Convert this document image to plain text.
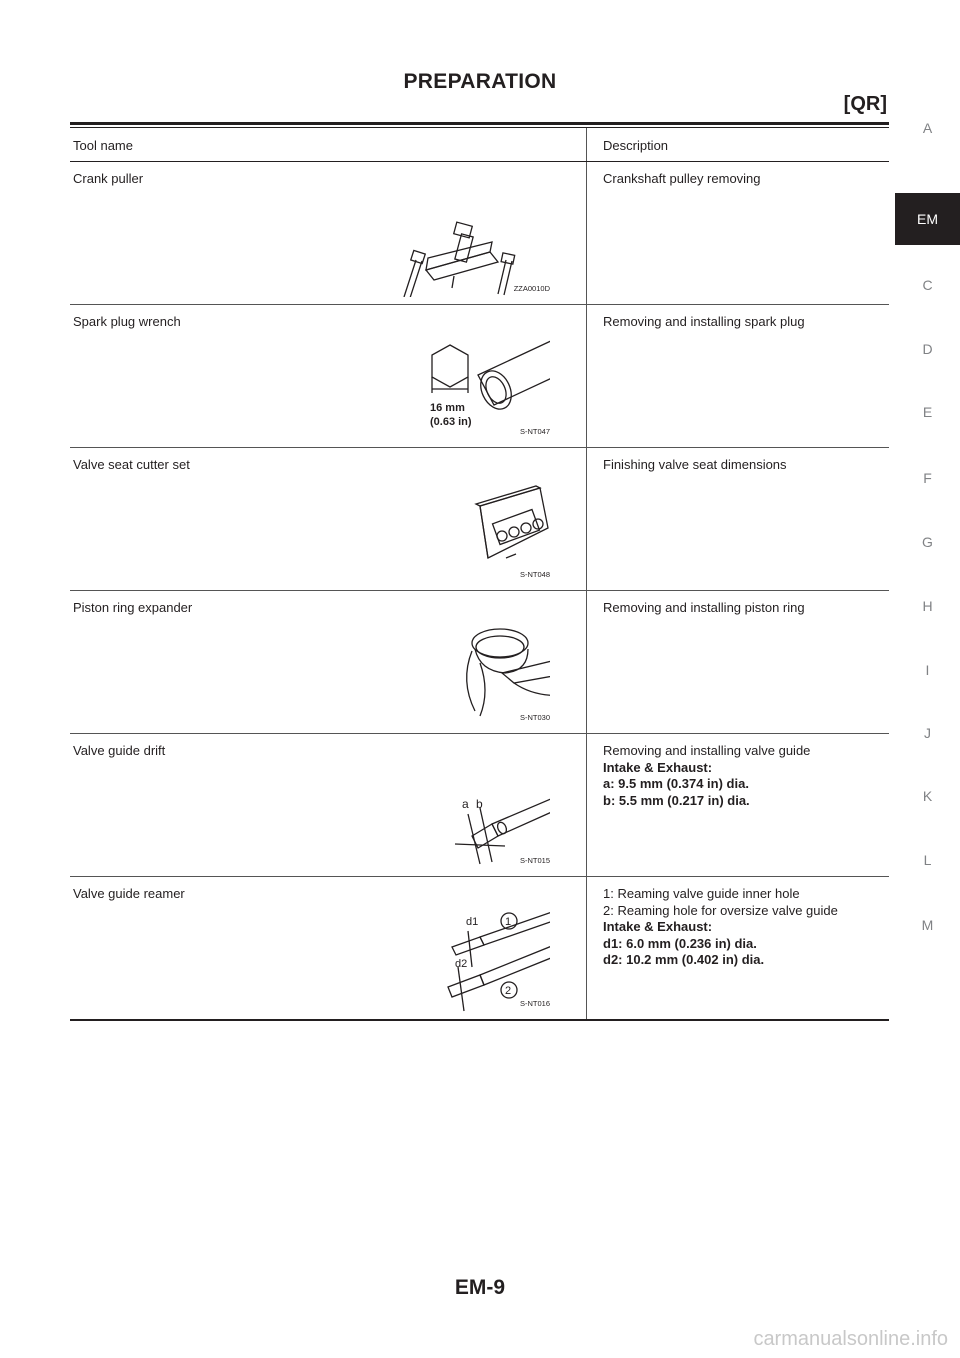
PREPARATION
[QR]
Tool name	Description
Crank puller	Crankshaft pulley removing
ZZA0010D
Spark plug wrench	Removing and installing spark plug
16 mm
(0.63 in)
S-NT047
Valve seat cutter set	Finishing valve seat dimensions
S-NT048
Piston ring expander	Removing and installing piston ring
S-NT030
Valve guide drift	Removing and installing valve guide
Intake & Exhaust:
a: 9.5 mm (0.374 in) dia.
b: 5.5 mm (0.217 in) dia.
a b
S-NT015
Valve guide reamer	1: Reaming valve guide inner hole
2: Reaming hole for oversize valve guide
Intake & Exhaust:
d1: 6.0 mm (0.236 in) dia.
d2: 10.2 mm (0.402 in) dia.
d1
d2
1
2
S-NT016
A
EM
C
D
E
F
G
H
I
J
K
L
M
EM-9
carmanualsonline.info
